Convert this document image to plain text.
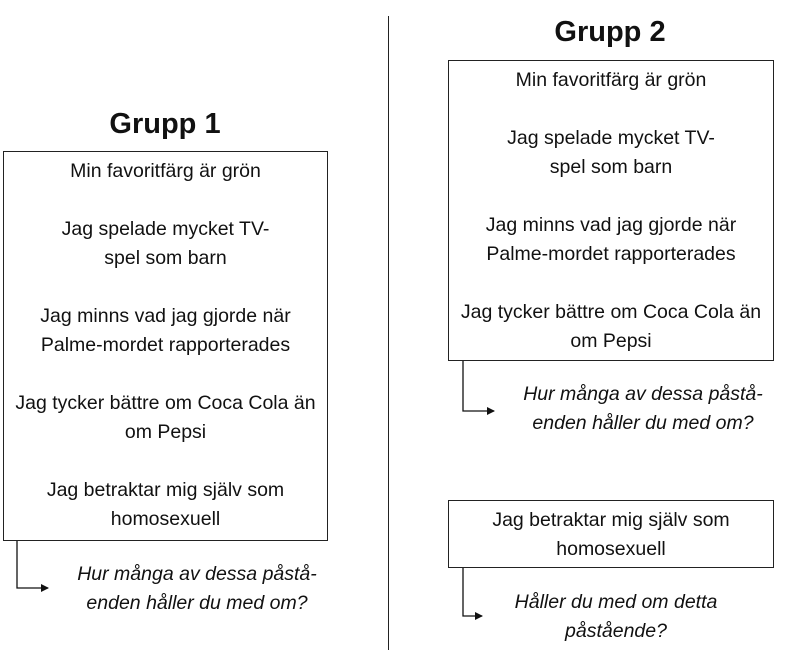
Grupp 1
Min favoritfärg är grön
Jag spelade mycket TV-spel som barn
Jag minns vad jag gjorde när Palme-mordet rapporterades
Jag tycker bättre om Coca Cola än om Pepsi
Jag betraktar mig själv som homosexuell
Hur många av dessa påstå-
enden håller du med om?
Grupp 2
Min favoritfärg är grön
Jag spelade mycket TV-spel som barn
Jag minns vad jag gjorde när Palme-mordet rapporterades
Jag tycker bättre om Coca Cola än om Pepsi
Hur många av dessa påstå-
enden håller du med om?
Jag betraktar mig själv som homosexuell
Håller du med om detta
påstående?
